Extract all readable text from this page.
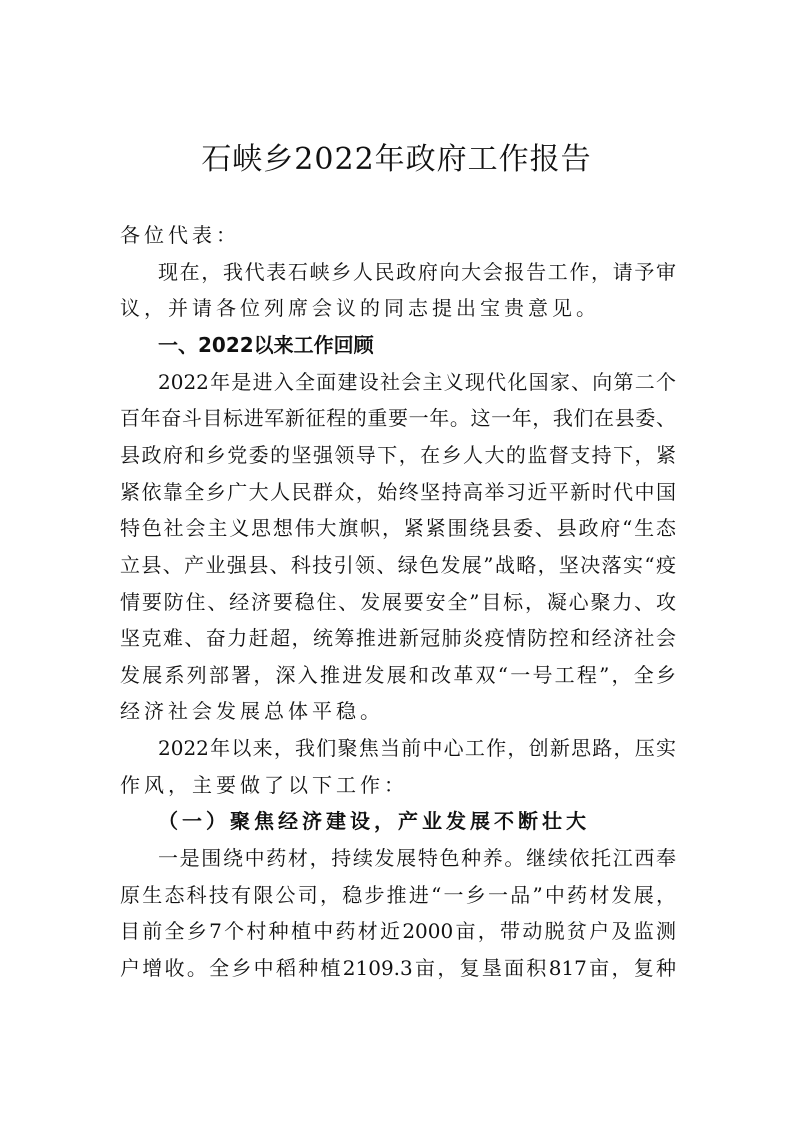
石峡乡2022年政府工作报告
各位代表：
现在，我代表石峡乡人民政府向大会报告工作，请予审
议，并请各位列席会议的同志提出宝贵意见。
一、2022以来工作回顾
2022年是进入全面建设社会主义现代化国家、向第二个
百年奋斗目标进军新征程的重要一年。这一年，我们在县委、
县政府和乡党委的坚强领导下，在乡人大的监督支持下，紧
紧依靠全乡广大人民群众，始终坚持高举习近平新时代中国
特色社会主义思想伟大旗帜，紧紧围绕县委、县政府“生态
立县、产业强县、科技引领、绿色发展”战略，坚决落实“疫
情要防住、经济要稳住、发展要安全”目标，凝心聚力、攻
坚克难、奋力赶超，统筹推进新冠肺炎疫情防控和经济社会
发展系列部署，深入推进发展和改革双“一号工程”，全乡
经济社会发展总体平稳。
2022年以来，我们聚焦当前中心工作，创新思路，压实
作风，主要做了以下工作：
（一）聚焦经济建设，产业发展不断壮大
一是围绕中药材，持续发展特色种养。继续依托江西奉
原生态科技有限公司，稳步推进“一乡一品”中药材发展，
目前全乡7个村种植中药材近2000亩，带动脱贫户及监测
户增收。全乡中稻种植2109.3亩，复垦面积817亩，复种
